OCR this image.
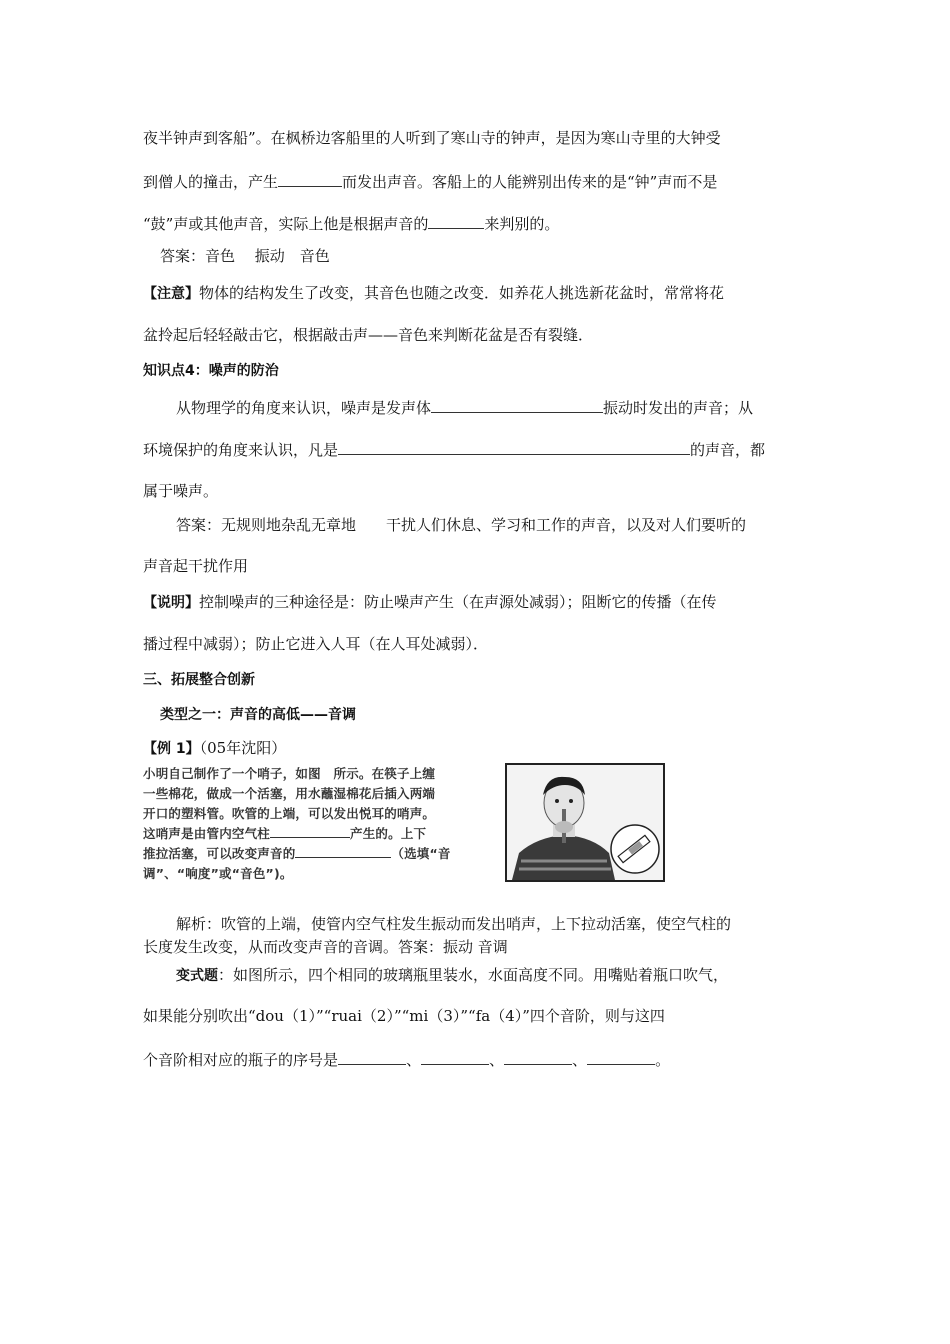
夜半钟声到客船”。在枫桥边客船里的人听到了寒山寺的钟声，是因为寒山寺里的大钟受
到僧人的撞击，产生	而发出声音。客船上的人能辨别出传来的是“钟”声而不是
“鼓”声或其他声音，实际上他是根据声音的	来判别的。
答案：音色　 振动　音色
【注意】物体的结构发生了改变，其音色也随之改变．如养花人挑选新花盆时，常常将花
盆拎起后轻轻敲击它，根据敲击声——音色来判断花盆是否有裂缝．
知识点4：噪声的防治
从物理学的角度来认识，噪声是发声体	振动时发出的声音；从
环境保护的角度来认识，凡是	的声音，都
属于噪声。
答案：无规则地杂乱无章地　　干扰人们休息、学习和工作的声音，以及对人们要听的
声音起干扰作用
【说明】控制噪声的三种途径是：防止噪声产生（在声源处减弱）；阻断它的传播（在传
播过程中减弱）；防止它进入人耳（在人耳处减弱）．
三、拓展整合创新
类型之一：声音的高低——音调
【例 1】（05年沈阳）
小明自己制作了一个哨子，如图　所示。在筷子上缠
一些棉花，做成一个活塞，用水蘸湿棉花后插入两端
开口的塑料管。吹管的上端，可以发出悦耳的哨声。
这哨声是由管内空气柱	产生的。上下
推拉活塞，可以改变声音的	（选填“音
调”、“响度”或“音色”)。
解析：吹管的上端，使管内空气柱发生振动而发出哨声，上下拉动活塞，使空气柱的
长度发生改变，从而改变声音的音调。答案：振动 音调
变式题：如图所示，四个相同的玻璃瓶里装水，水面高度不同。用嘴贴着瓶口吹气，
如果能分别吹出“dou（1）”“ruai（2）”“mi（3）”“fa（4）”四个音阶，则与这四
个音阶相对应的瓶子的序号是	、	、	、	。
